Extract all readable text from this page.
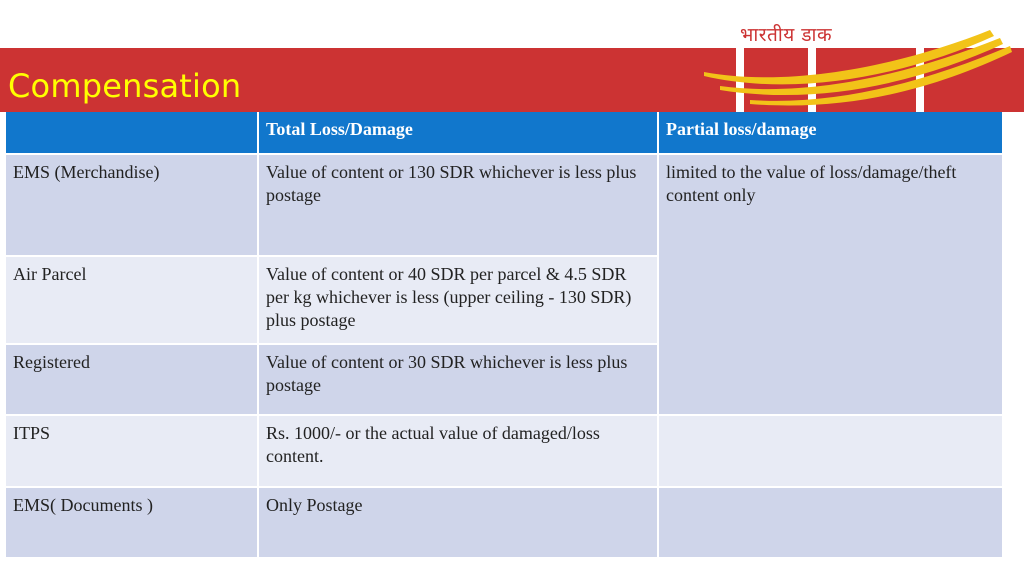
Compensation
भारतीय डाक
	Total Loss/Damage	Partial loss/damage
EMS (Merchandise)	Value of content or 130 SDR whichever is less plus postage	limited to the value of loss/damage/theft content only
Air Parcel	Value of content or 40 SDR per parcel & 4.5 SDR per kg whichever is less (upper ceiling - 130 SDR) plus postage	
Registered	Value of content or 30 SDR whichever is less plus postage	
ITPS	Rs. 1000/- or the actual value of damaged/loss content.	
EMS( Documents )	Only Postage	
